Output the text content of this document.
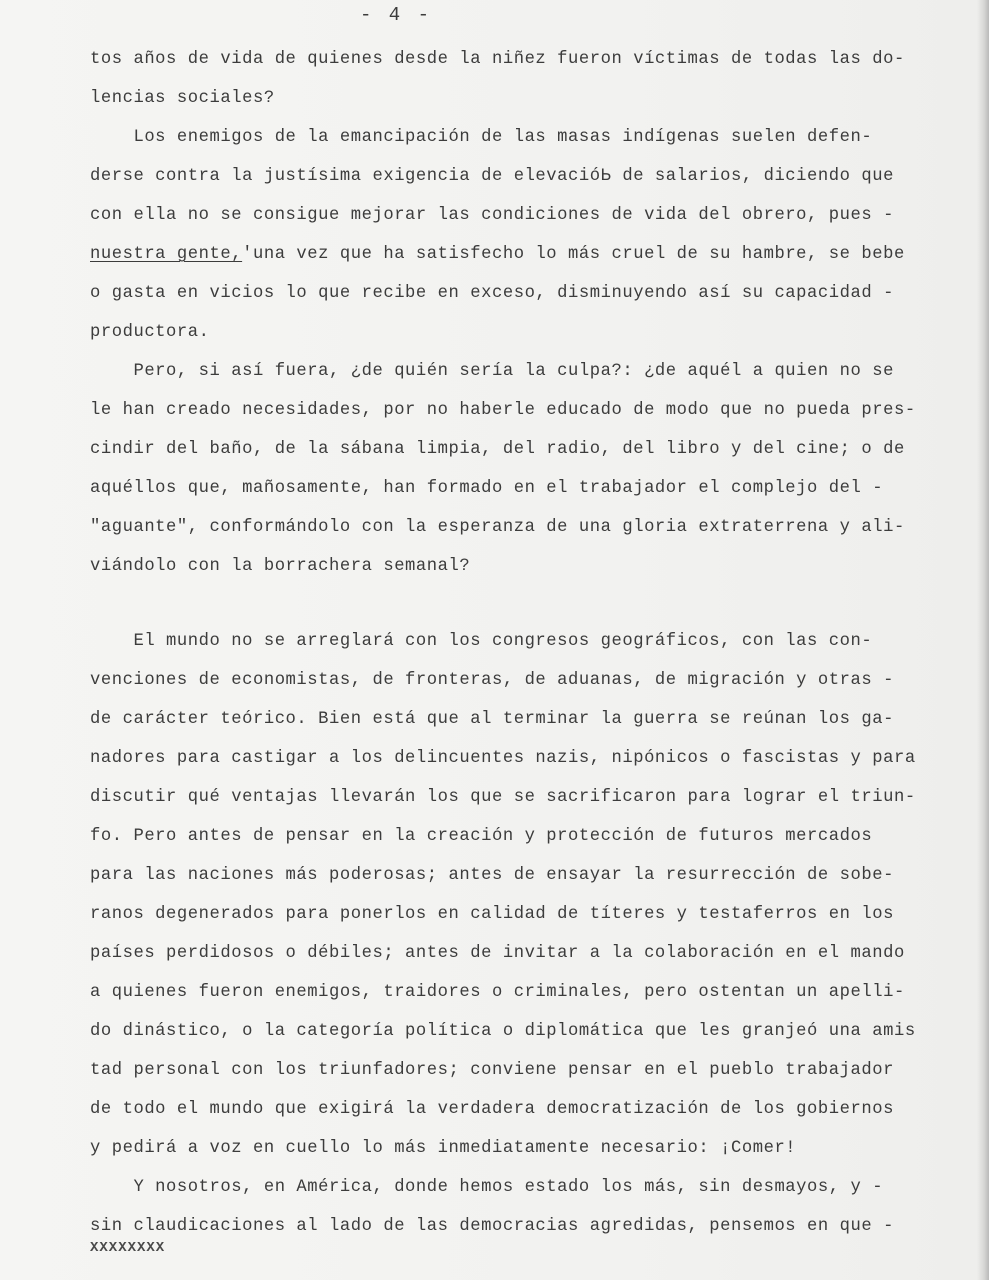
- 4 -
tos años de vida de quienes desde la niñez fueron víctimas de todas las do-
lencias sociales?
Los enemigos de la emancipación de las masas indígenas suelen defen-
derse contra la justísima exigencia de elevacióЬ de salarios, diciendo que
con ella no se consigue mejorar las condiciones de vida del obrero, pues -
nuestra gente,'una vez que ha satisfecho lo más cruel de su hambre, se bebe
o gasta en vicios lo que recibe en exceso, disminuyendo así su capacidad -
productora.
Pero, si así fuera, ¿de quién sería la culpa?: ¿de aquél a quien no se
le han creado necesidades, por no haberle educado de modo que no pueda pres-
cindir del baño, de la sábana limpia, del radio, del libro y del cine; o de
aquéllos que, mañosamente, han formado en el trabajador el complejo del -
"aguante", conformándolo con la esperanza de una gloria extraterrena y ali-
viándolo con la borrachera semanal?
El mundo no se arreglará con los congresos geográficos, con las con-
venciones de economistas, de fronteras, de aduanas, de migración y otras -
de carácter teórico. Bien está que al terminar la guerra se reúnan los ga-
nadores para castigar a los delincuentes nazis, nipónicos o fascistas y para
discutir qué ventajas llevarán los que se sacrificaron para lograr el triun-
fo. Pero antes de pensar en la creación y protección de futuros mercados
para las naciones más poderosas; antes de ensayar la resurrección de sobe-
ranos degenerados para ponerlos en calidad de títeres y testaferros en los
países perdidosos o débiles; antes de invitar a la colaboración en el mando
a quienes fueron enemigos, traidores o criminales, pero ostentan un apelli-
do dinástico, o la categoría política o diplomática que les granjeó una amis
tad personal con los triunfadores; conviene pensar en el pueblo trabajador
de todo el mundo que exigirá la verdadera democratización de los gobiernos
y pedirá a voz en cuello lo más inmediatamente necesario: ¡Comer!
Y nosotros, en América, donde hemos estado los más, sin desmayos, y -
sin claudicaciones al lado de las democracias agredidas, pensemos en que -
XXXXXXXX
